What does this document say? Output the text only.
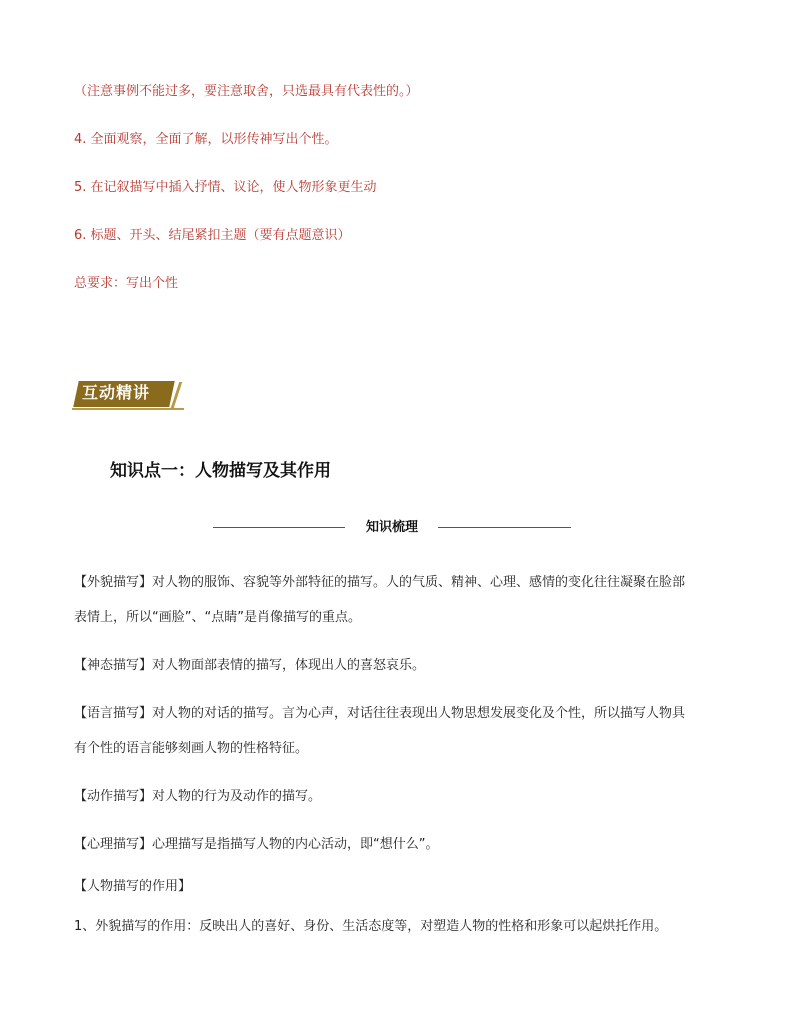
（注意事例不能过多，要注意取舍，只选最具有代表性的。）
4. 全面观察，全面了解，以形传神写出个性。
5. 在记叙描写中插入抒情、议论，使人物形象更生动
6. 标题、开头、结尾紧扣主题（要有点题意识）
总要求：写出个性
互动精讲
知识点一：人物描写及其作用
知识梳理
【外貌描写】对人物的服饰、容貌等外部特征的描写。人的气质、精神、心理、感情的变化往往凝聚在脸部
表情上，所以“画脸”、“点睛”是肖像描写的重点。
【神态描写】对人物面部表情的描写，体现出人的喜怒哀乐。
【语言描写】对人物的对话的描写。言为心声，对话往往表现出人物思想发展变化及个性，所以描写人物具
有个性的语言能够刻画人物的性格特征。
【动作描写】对人物的行为及动作的描写。
【心理描写】心理描写是指描写人物的内心活动，即“想什么”。
【人物描写的作用】
1、外貌描写的作用：反映出人的喜好、身份、生活态度等，对塑造人物的性格和形象可以起烘托作用。
